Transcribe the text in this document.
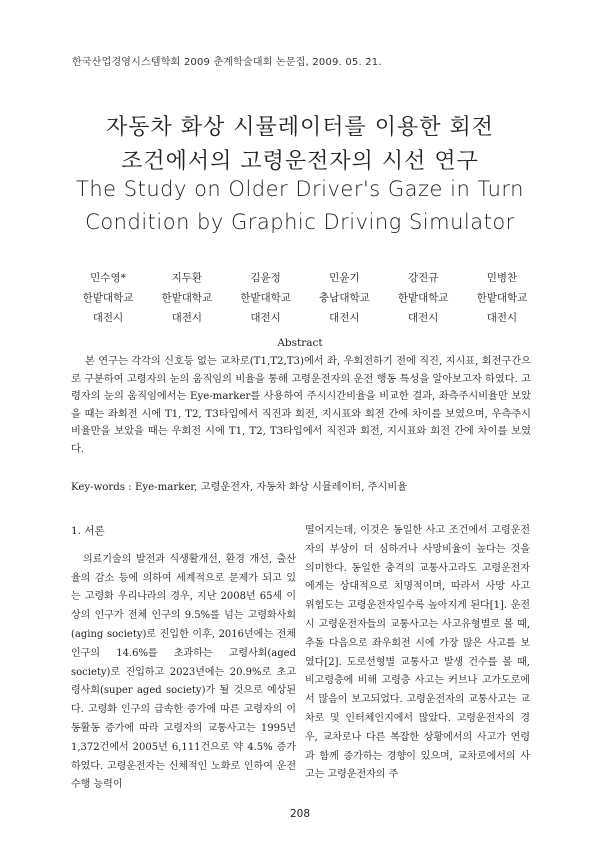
한국산업경영시스템학회 2009 춘계학술대회 논문집, 2009. 05. 21.
자동차 화상 시뮬레이터를 이용한 회전
조건에서의 고령운전자의 시선 연구
The Study on Older Driver's Gaze in Turn
Condition by Graphic Driving Simulator
민수영*
한밭대학교
대전시
지두환
한밭대학교
대전시
김윤정
한밭대학교
대전시
민윤기
충남대학교
대전시
강진규
한밭대학교
대전시
민병찬
한밭대학교
대전시
Abstract

본 연구는 각각의 신호등 없는 교차로(T1,T2,T3)에서 좌, 우회전하기 전에 직진, 지시표, 회전구간으로 구분하여 고령자의 눈의 움직임의 비율을 통해 고령운전자의 운전 행동 특성을 알아보고자 하였다. 고령자의 눈의 움직임에서는 Eye-marker를 사용하여 주시시간비율을 비교한 결과, 좌측주시비율만 보았을 때는 좌회전 시에 T1, T2, T3타입에서 직진과 회전, 지시표와 회전 간에 차이를 보였으며, 우측주시비율만을 보았을 때는 우회전 시에 T1, T2, T3타입에서 직진과 회전, 지시표와 회전 간에 차이를 보였다.

Key-words : Eye-marker, 고령운전자, 자동차 화상 시뮬레이터, 주시비율

1. 서론

의료기술의 발전과 식생활개선, 환경 개선, 출산율의 감소 등에 의하여 세계적으로 문제가 되고 있는 고령화 우리나라의 경우, 지난 2008년 65세 이상의 인구가 전체 인구의 9.5%를 넘는 고령화사회(aging society)로 진입한 이후, 2016년에는 전체인구의 14.6%를 초과하는 고령사회(aged society)로 진입하고 2023년에는 20.9%로 초고령사회(super aged society)가 될 것으로 예상된다. 고령화 인구의 급속한 증가에 따른 고령자의 이동활동 증가에 따라 고령자의 교통사고는 1995년 1,372건에서 2005년 6,111건으로 약 4.5% 증가하였다. 고령운전자는 신체적인 노화로 인하여 운전수행 능력이

떨어지는데, 이것은 동일한 사고 조건에서 고령운전자의 부상이 더 심하거나 사망비율이 높다는 것을 의미한다. 동일한 충격의 교통사고라도 고령운전자에게는 상대적으로 치명적이며, 따라서 사망 사고 위험도는 고령운전자일수록 높아지게 된다[1]. 운전 시 고령운전자들의 교통사고는 사고유형별로 볼 때, 추돌 다음으로 좌우회전 시에 가장 많은 사고를 보였다[2]. 도로선형별 교통사고 발생 건수를 볼 때, 비고령층에 비해 고령층 사고는 커브나 고가도로에서 많음이 보고되었다. 고령운전자의 교통사고는 교차로 및 인터체인지에서 많았다. 고령운전자의 경우, 교차로나 다른 복잡한 상황에서의 사고가 연령과 함께 증가하는 경향이 있으며, 교차로에서의 사고는 고령운전자의 주

208
